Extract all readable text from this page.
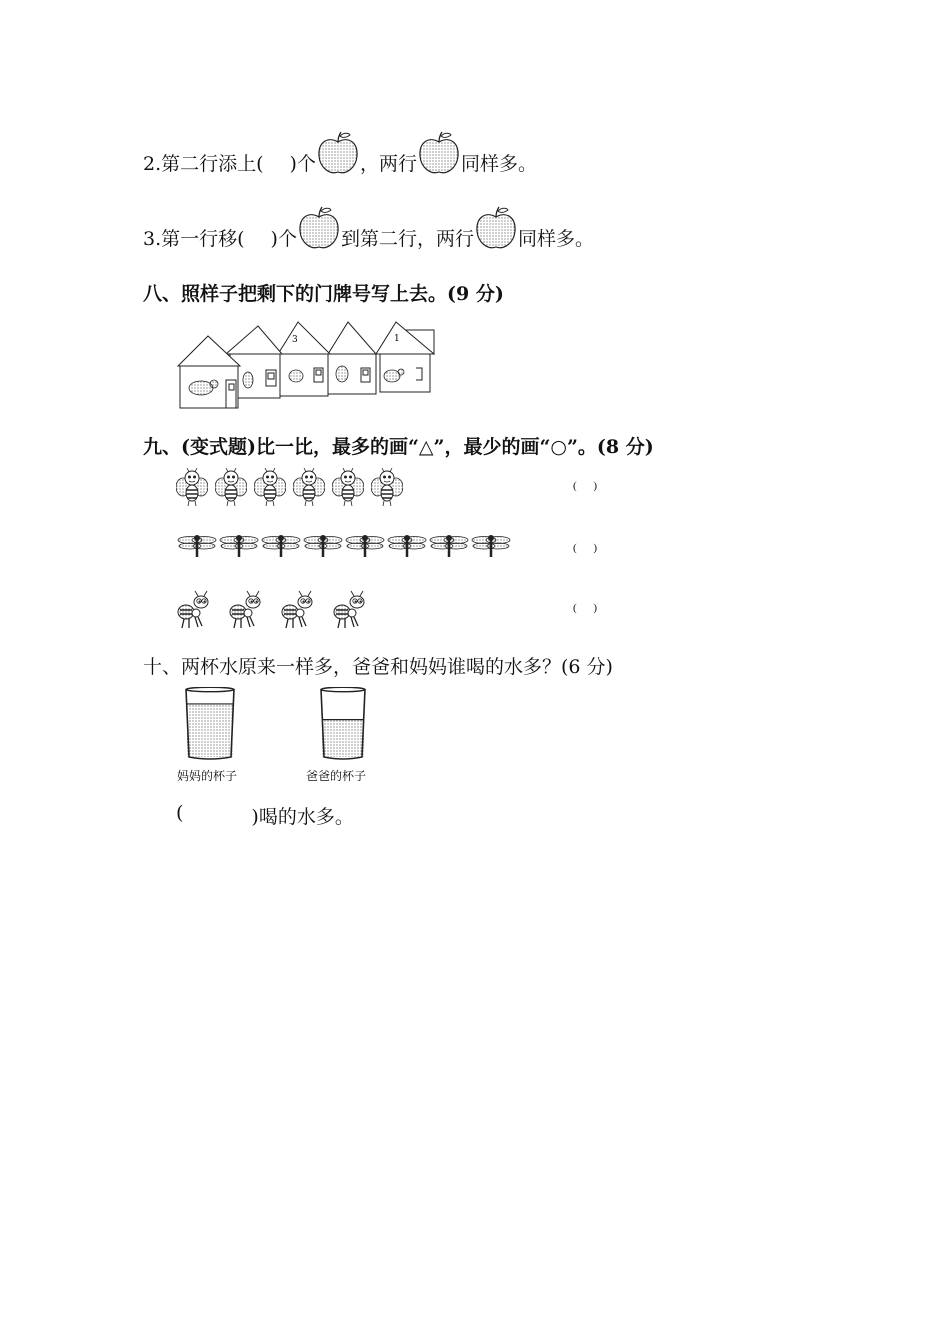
2.第二行添上( )个 ，两行 同样多。
3.第一行移( )个 到第二行，两行 同样多。
八、照样子把剩下的门牌号写上去。(9 分)
3	1
九、(变式题)比一比，最多的画“△”，最少的画“○”。(8 分)
( )
( )
( )
十、两杯水原来一样多，爸爸和妈妈谁喝的水多？(6 分)
妈妈的杯子	爸爸的杯子
(	)喝的水多。
